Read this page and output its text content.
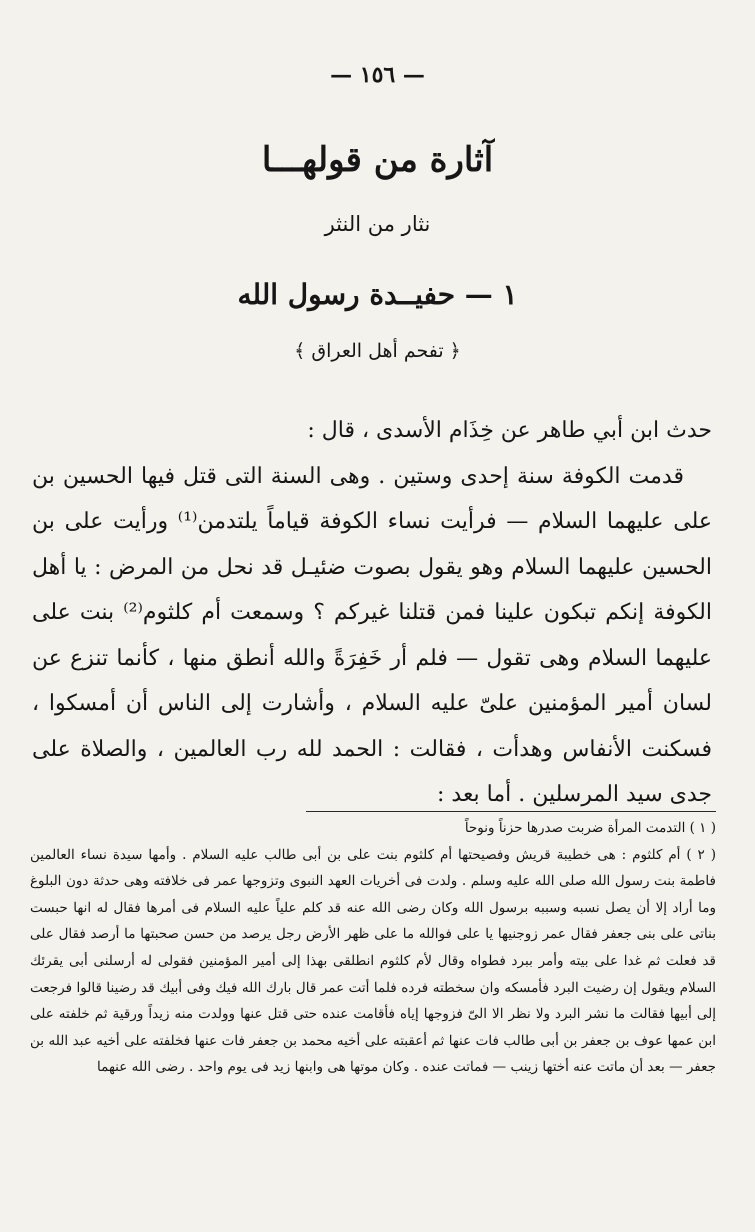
— ١٥٦ —
آثارة من قولهـــا
نثار من النثر
١ — حفيــدة رسول الله
﴿ تفحم أهل العراق ﴾

حدث ابن أبي طاهر عن خِذَام الأسدى ، قال :

قدمت الكوفة سنة إحدى وستين . وهى السنة التى قتل فيها الحسين بن على عليهما السلام — فرأيت نساء الكوفة قياماً يلتدمن⁽¹⁾ ورأيت على بن الحسين عليهما السلام وهو يقول بصوت ضئيـل قد نحل من المرض : يا أهل الكوفة إنكم تبكون علينا فمن قتلنا غيركم ؟ وسمعت أم كلثوم⁽²⁾ بنت على عليهما السلام وهى تقول — فلم أر خَفِرَةً والله أنطق منها ، كأنما تنزع عن لسان أمير المؤمنين علىّ عليه السلام ، وأشارت إلى الناس أن أمسكوا ، فسكنت الأنفاس وهدأت ، فقالت : الحمد لله رب العالمين ، والصلاة على جدى سيد المرسلين . أما بعد :

( ١ ) التدمت المرأة ضربت صدرها حزناً ونوحاً

( ٢ ) أم كلثوم : هى خطيبة قريش وفصيحتها أم كلثوم بنت على بن أبى طالب عليه السلام . وأمها سيدة نساء العالمين فاطمة بنت رسول الله صلى الله عليه وسلم . ولدت فى أخريات العهد النبوى وتزوجها عمر فى خلافته وهى حدثة دون البلوغ وما أراد إلا أن يصل نسبه وسببه برسول الله وكان رضى الله عنه قد كلم علياً عليه السلام فى أمرها فقال له انها حبست بناتى على بنى جعفر فقال عمر زوجنيها يا على فوالله ما على ظهر الأرض رجل يرصد من حسن صحبتها ما أرصد فقال على قد فعلت ثم غدا على بيته وأمر ببرد فطواه وقال لأم كلثوم انطلقى بهذا إلى أمير المؤمنين فقولى له أرسلنى أبى يقرئك السلام ويقول إن رضيت البرد فأمسكه وان سخطته فرده فلما أتت عمر قال بارك الله فيك وفى أبيك قد رضينا قالوا فرجعت إلى أبيها فقالت ما نشر البرد ولا نظر الا الىّ فزوجها إياه فأقامت عنده حتى قتل عنها وولدت منه زيداً ورقية ثم خلفته على ابن عمها عوف بن جعفر بن أبى طالب فات عنها ثم أعقبته على أخيه محمد بن جعفر فات عنها فخلفته على أخيه عبد الله بن جعفر — بعد أن ماتت عنه أختها زينب — فماتت عنده . وكان موتها هى وابنها زيد فى يوم واحد . رضى الله عنهما
